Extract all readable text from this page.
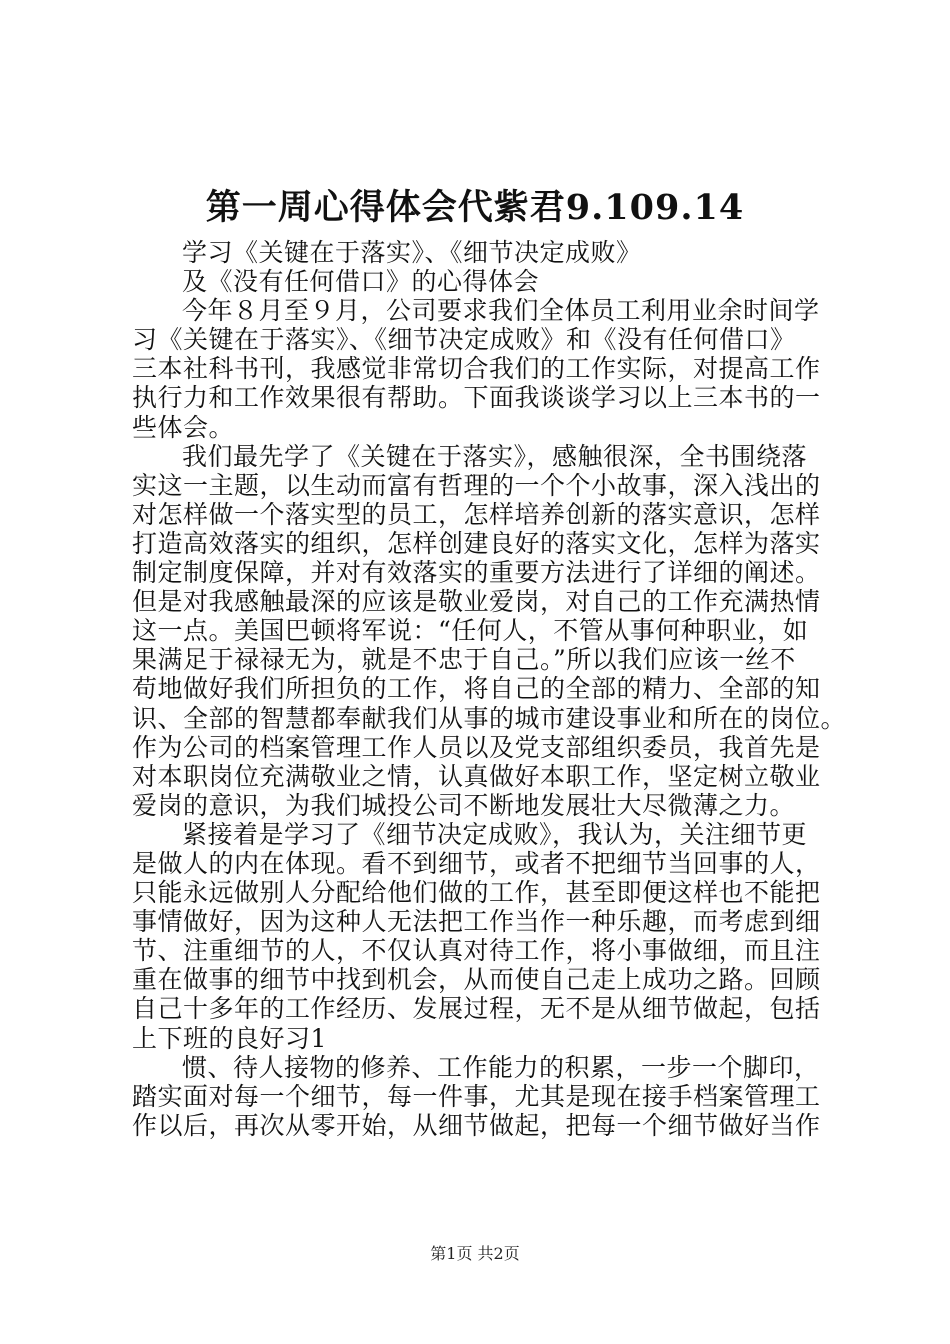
第一周心得体会代紫君9.109.14
学习《关键在于落实》、《细节决定成败》
及《没有任何借口》的心得体会
今年８月至９月，公司要求我们全体员工利用业余时间学
习《关键在于落实》、《细节决定成败》和《没有任何借口》
三本社科书刊，我感觉非常切合我们的工作实际，对提高工作
执行力和工作效果很有帮助。下面我谈谈学习以上三本书的一
些体会。
我们最先学了《关键在于落实》，感触很深，全书围绕落
实这一主题，以生动而富有哲理的一个个小故事，深入浅出的
对怎样做一个落实型的员工，怎样培养创新的落实意识，怎样
打造高效落实的组织，怎样创建良好的落实文化，怎样为落实
制定制度保障，并对有效落实的重要方法进行了详细的阐述。
但是对我感触最深的应该是敬业爱岗，对自己的工作充满热情
这一点。美国巴顿将军说：“任何人，不管从事何种职业，如
果满足于禄禄无为，就是不忠于自己。”所以我们应该一丝不
苟地做好我们所担负的工作，将自己的全部的精力、全部的知
识、全部的智慧都奉献我们从事的城市建设事业和所在的岗位。
作为公司的档案管理工作人员以及党支部组织委员，我首先是
对本职岗位充满敬业之情，认真做好本职工作，坚定树立敬业
爱岗的意识，为我们城投公司不断地发展壮大尽微薄之力。
紧接着是学习了《细节决定成败》，我认为，关注细节更
是做人的内在体现。看不到细节，或者不把细节当回事的人，
只能永远做别人分配给他们做的工作，甚至即便这样也不能把
事情做好，因为这种人无法把工作当作一种乐趣，而考虑到细
节、注重细节的人，不仅认真对待工作，将小事做细，而且注
重在做事的细节中找到机会，从而使自己走上成功之路。回顾
自己十多年的工作经历、发展过程，无不是从细节做起，包括
上下班的良好习1
惯、待人接物的修养、工作能力的积累，一步一个脚印，
踏实面对每一个细节，每一件事，尤其是现在接手档案管理工
作以后，再次从零开始，从细节做起，把每一个细节做好当作
第1页 共2页
